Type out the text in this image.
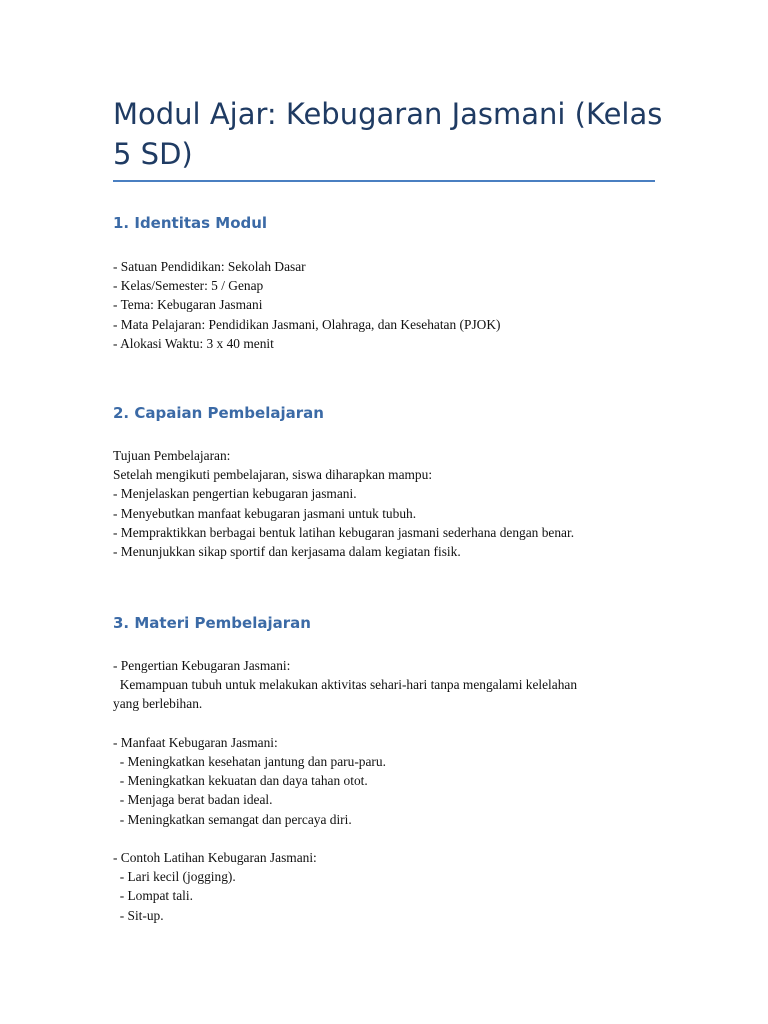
Modul Ajar: Kebugaran Jasmani (Kelas 5 SD)
1. Identitas Modul
- Satuan Pendidikan: Sekolah Dasar
- Kelas/Semester: 5 / Genap
- Tema: Kebugaran Jasmani
- Mata Pelajaran: Pendidikan Jasmani, Olahraga, dan Kesehatan (PJOK)
- Alokasi Waktu: 3 x 40 menit
2. Capaian Pembelajaran
Tujuan Pembelajaran:
Setelah mengikuti pembelajaran, siswa diharapkan mampu:
- Menjelaskan pengertian kebugaran jasmani.
- Menyebutkan manfaat kebugaran jasmani untuk tubuh.
- Mempraktikkan berbagai bentuk latihan kebugaran jasmani sederhana dengan benar.
- Menunjukkan sikap sportif dan kerjasama dalam kegiatan fisik.
3. Materi Pembelajaran
- Pengertian Kebugaran Jasmani:
Kemampuan tubuh untuk melakukan aktivitas sehari-hari tanpa mengalami kelelahan
yang berlebihan.
- Manfaat Kebugaran Jasmani:
- Meningkatkan kesehatan jantung dan paru-paru.
- Meningkatkan kekuatan dan daya tahan otot.
- Menjaga berat badan ideal.
- Meningkatkan semangat dan percaya diri.
- Contoh Latihan Kebugaran Jasmani:
- Lari kecil (jogging).
- Lompat tali.
- Sit-up.
